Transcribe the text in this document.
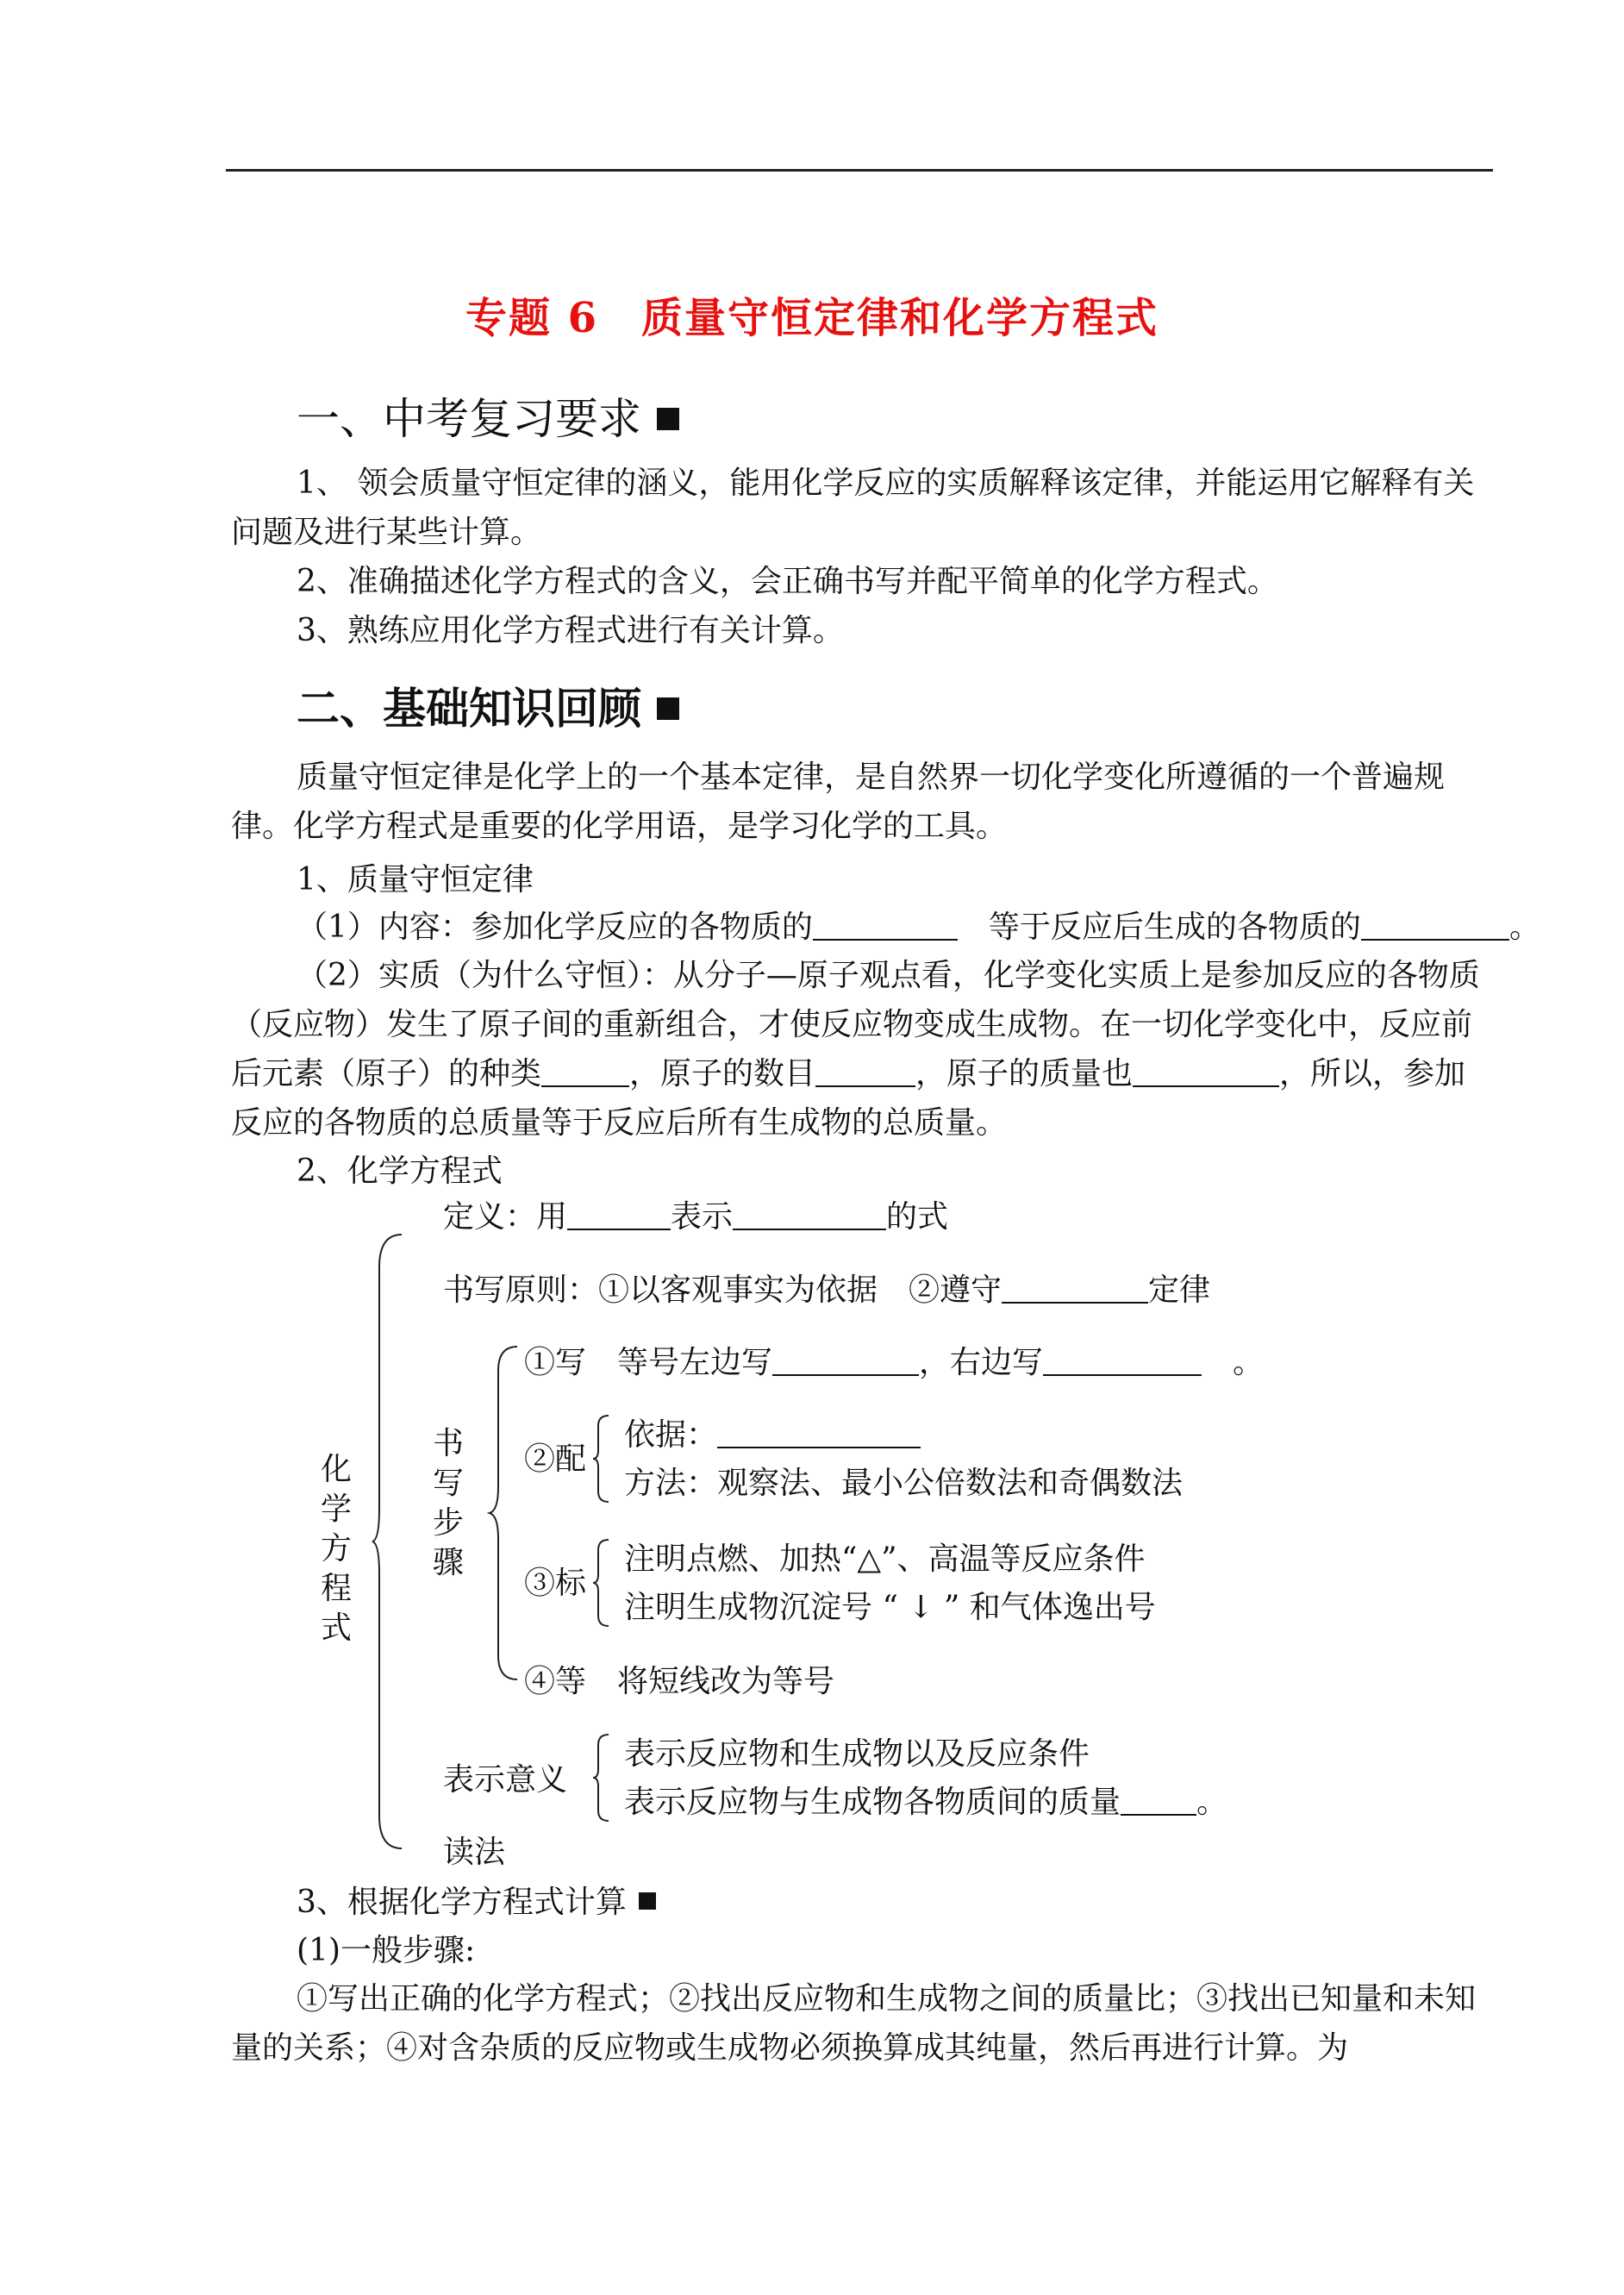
专题 6　质量守恒定律和化学方程式
一、中考复习要求
1、 领会质量守恒定律的涵义，能用化学反应的实质解释该定律，并能运用它解释有关问题及进行某些计算。
2、准确描述化学方程式的含义，会正确书写并配平简单的化学方程式。
3、熟练应用化学方程式进行有关计算。
二、基础知识回顾
质量守恒定律是化学上的一个基本定律，是自然界一切化学变化所遵循的一个普遍规律。化学方程式是重要的化学用语，是学习化学的工具。
1、质量守恒定律
（1）内容：参加化学反应的各物质的　	等于反应后生成的各物质的	。
（2）实质（为什么守恒）：从分子—原子观点看，化学变化实质上是参加反应的各物质（反应物）发生了原子间的重新组合，才使反应物变成生成物。在一切化学变化中，反应前后元素（原子）的种类	，原子的数目	，原子的质量也	，所以，参加反应的各物质的总质量等于反应后所有生成物的总质量。
2、化学方程式
化学方程式
定义：用	表示	的式
书写原则：①以客观事实为依据　②遵守	定律
书写步骤
①写　等号左边写	，右边写　	。
②配
依据：
方法：观察法、最小公倍数法和奇偶数法
③标
注明点燃、加热“△”、高温等反应条件
注明生成物沉淀号 “ ↓ ” 和气体逸出号
④等　将短线改为等号
表示意义
表示反应物和生成物以及反应条件
表示反应物与生成物各物质间的质量 。
读法
3、根据化学方程式计算
(1)一般步骤:
①写出正确的化学方程式；②找出反应物和生成物之间的质量比；③找出已知量和未知量的关系；④对含杂质的反应物或生成物必须换算成其纯量，然后再进行计算。为
